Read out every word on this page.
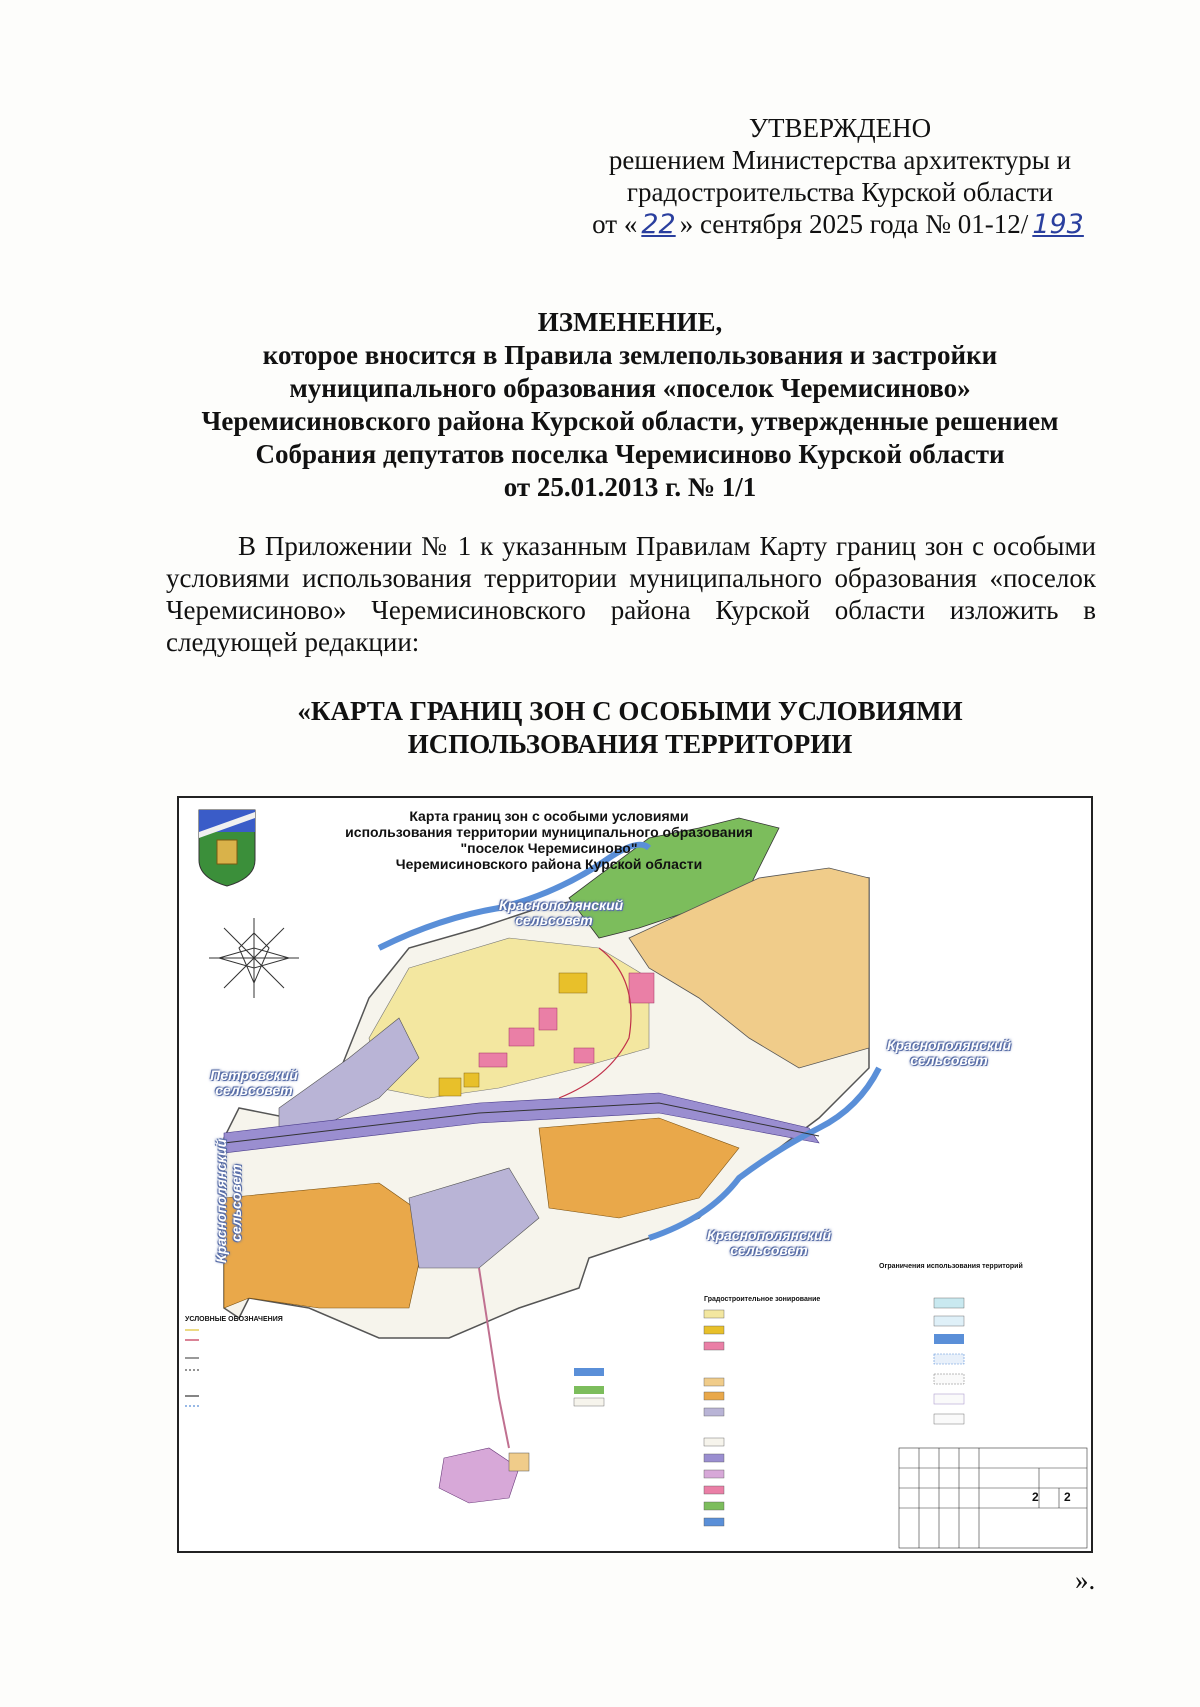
УТВЕРЖДЕНО
решением Министерства архитектуры и
градостроительства Курской области
от « 22 » сентября 2025 года № 01-12/ 193
ИЗМЕНЕНИЕ,
которое вносится в Правила землепользования и застройки
муниципального образования «поселок Черемисиново»
Черемисиновского района Курской области, утвержденные решением
Собрания депутатов поселка Черемисиново Курской области
от 25.01.2013 г. № 1/1
В Приложении № 1 к указанным Правилам Карту границ зон с особыми условиями использования территории муниципального образования «поселок Черемисиново» Черемисиновского района Курской области изложить в следующей редакции:
«КАРТА ГРАНИЦ ЗОН С ОСОБЫМИ УСЛОВИЯМИ
ИСПОЛЬЗОВАНИЯ ТЕРРИТОРИИ
Карта границ зон с особыми условиями
использования территории муниципального образования
"поселок Черемисиново"
Черемисиновского района Курской области
Краснополянский сельсовет
Краснополянский сельсовет
Краснополянский сельсовет
Петровский сельсовет
Краснополянский сельсовет
УСЛОВНЫЕ ОБОЗНАЧЕНИЯ
Градостроительное зонирование
Ограничения использования территорий
2 2
».
